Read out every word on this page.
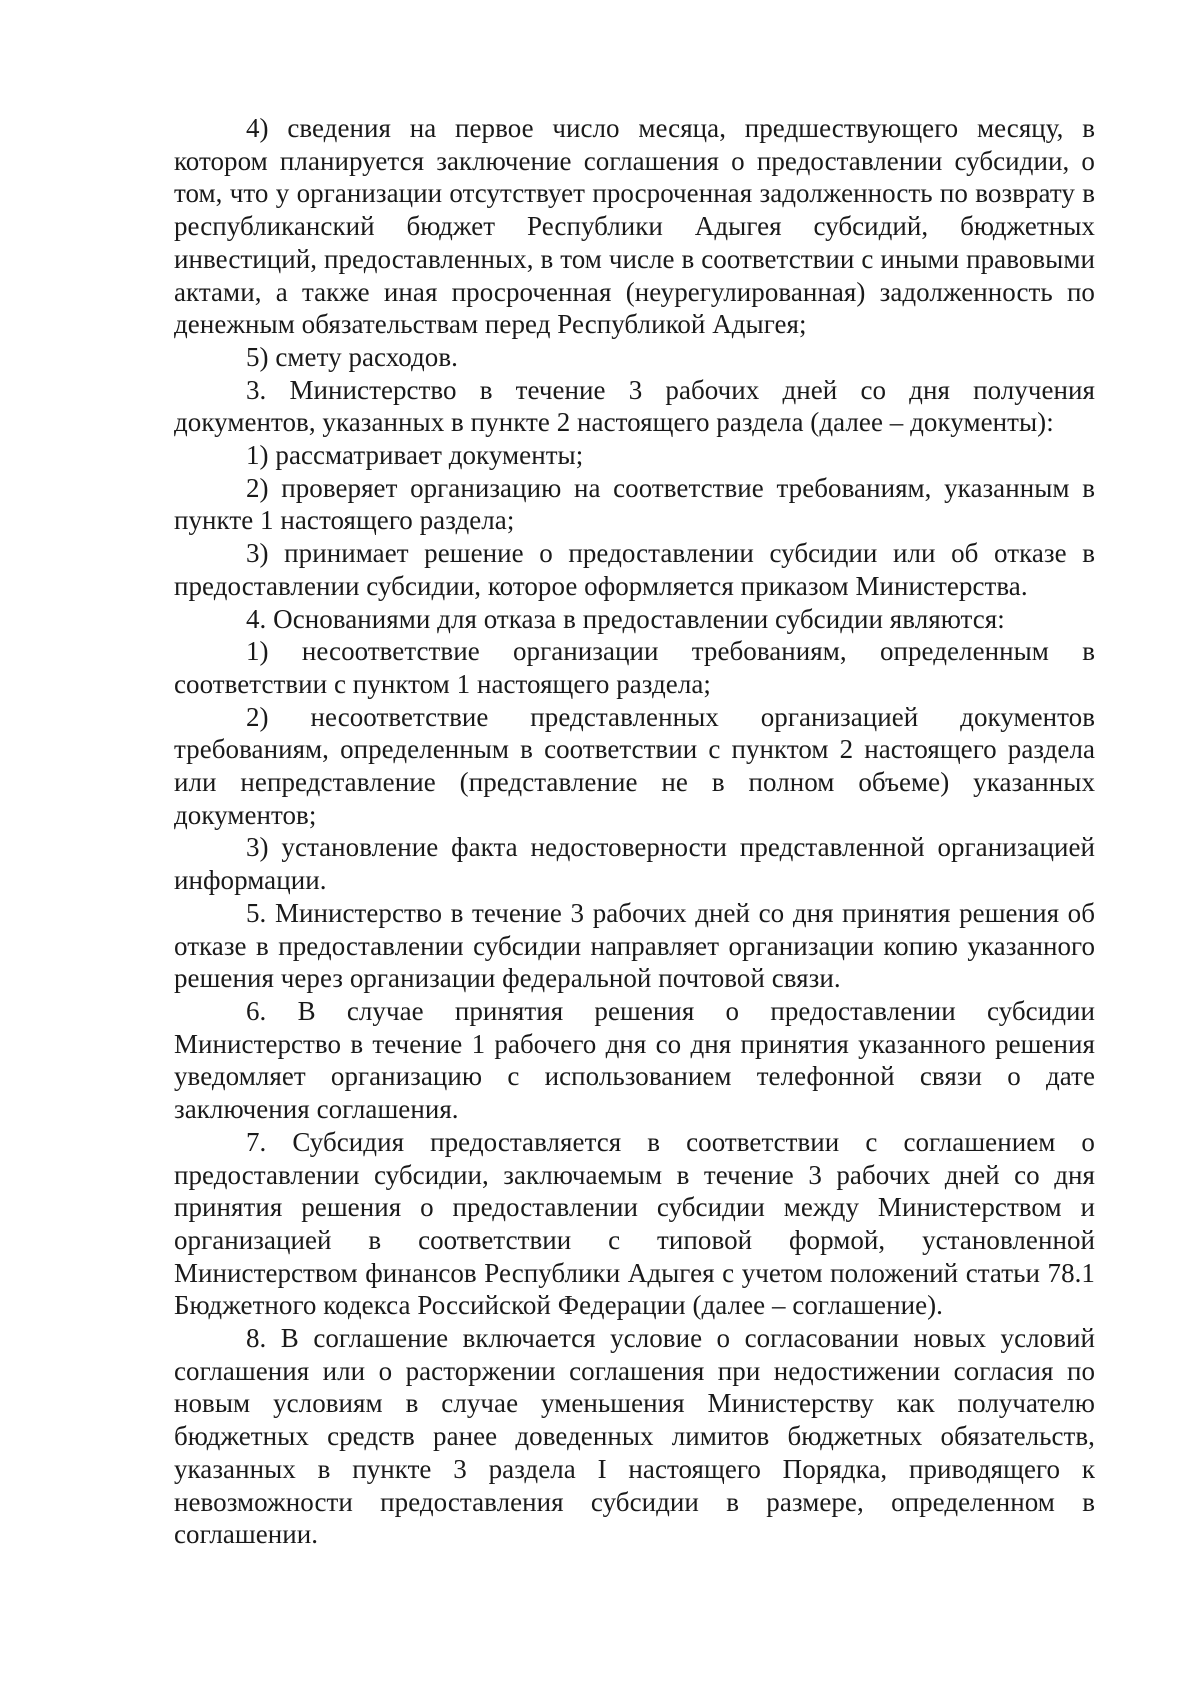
4) сведения на первое число месяца, предшествующего месяцу, в котором планируется заключение соглашения о предоставлении субсидии, о том, что у организации отсутствует просроченная задолженность по возврату в республиканский бюджет Республики Адыгея субсидий, бюджетных инвестиций, предоставленных, в том числе в соответствии с иными правовыми актами, а также иная просроченная (неурегулированная) задолженность по денежным обязательствам перед Республикой Адыгея;

5) смету расходов.

3. Министерство в течение 3 рабочих дней со дня получения документов, указанных в пункте 2 настоящего раздела (далее – документы):

1) рассматривает документы;

2) проверяет организацию на соответствие требованиям, указанным в пункте 1 настоящего раздела;

3) принимает решение о предоставлении субсидии или об отказе в предоставлении субсидии, которое оформляется приказом Министерства.

4. Основаниями для отказа в предоставлении субсидии являются:

1) несоответствие организации требованиям, определенным в соответствии с пунктом 1 настоящего раздела;

2) несоответствие представленных организацией документов требованиям, определенным в соответствии с пунктом 2 настоящего раздела или непредставление (представление не в полном объеме) указанных документов;

3) установление факта недостоверности представленной организацией информации.

5. Министерство в течение 3 рабочих дней со дня принятия решения об отказе в предоставлении субсидии направляет организации копию указанного решения через организации федеральной почтовой связи.

6. В случае принятия решения о предоставлении субсидии Министерство в течение 1 рабочего дня со дня принятия указанного решения уведомляет организацию с использованием телефонной связи о дате заключения соглашения.

7. Субсидия предоставляется в соответствии с соглашением о предоставлении субсидии, заключаемым в течение 3 рабочих дней со дня принятия решения о предоставлении субсидии между Министерством и организацией в соответствии с типовой формой, установленной Министерством финансов Республики Адыгея с учетом положений статьи 78.1 Бюджетного кодекса Российской Федерации (далее – соглашение).

8. В соглашение включается условие о согласовании новых условий соглашения или о расторжении соглашения при недостижении согласия по новым условиям в случае уменьшения Министерству как получателю бюджетных средств ранее доведенных лимитов бюджетных обязательств, указанных в пункте 3 раздела I настоящего Порядка, приводящего к невозможности предоставления субсидии в размере, определенном в соглашении.
